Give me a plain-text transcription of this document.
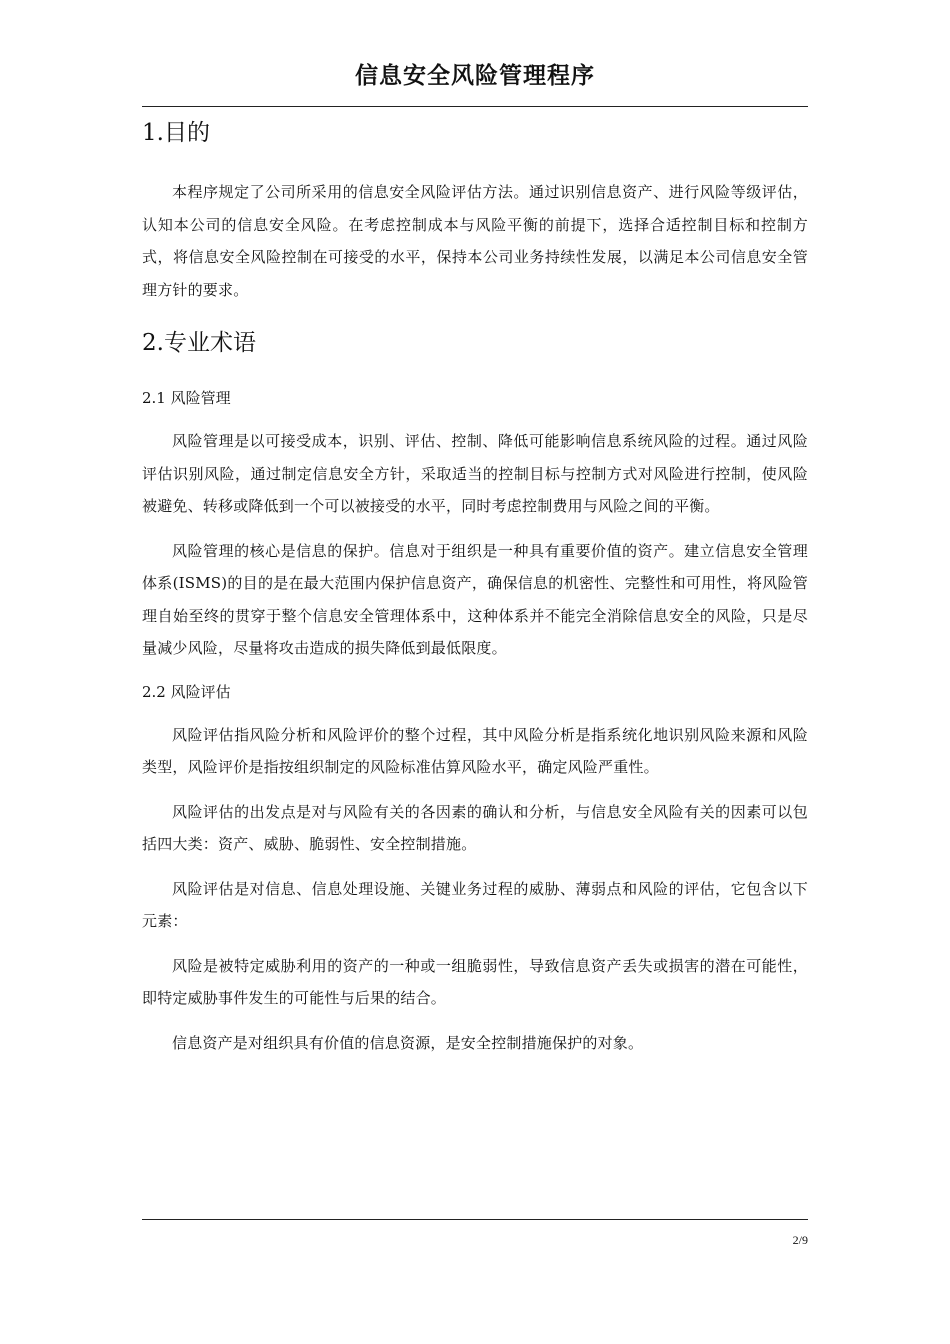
信息安全风险管理程序
1.目的

本程序规定了公司所采用的信息安全风险评估方法。通过识别信息资产、进行风险等级评估，认知本公司的信息安全风险。在考虑控制成本与风险平衡的前提下，选择合适控制目标和控制方式，将信息安全风险控制在可接受的水平，保持本公司业务持续性发展，以满足本公司信息安全管理方针的要求。

2.专业术语
2.1 风险管理

风险管理是以可接受成本，识别、评估、控制、降低可能影响信息系统风险的过程。通过风险评估识别风险，通过制定信息安全方针，采取适当的控制目标与控制方式对风险进行控制，使风险被避免、转移或降低到一个可以被接受的水平，同时考虑控制费用与风险之间的平衡。

风险管理的核心是信息的保护。信息对于组织是一种具有重要价值的资产。建立信息安全管理体系(ISMS)的目的是在最大范围内保护信息资产，确保信息的机密性、完整性和可用性，将风险管理自始至终的贯穿于整个信息安全管理体系中，这种体系并不能完全消除信息安全的风险，只是尽量减少风险，尽量将攻击造成的损失降低到最低限度。

2.2 风险评估

风险评估指风险分析和风险评价的整个过程，其中风险分析是指系统化地识别风险来源和风险类型，风险评价是指按组织制定的风险标准估算风险水平，确定风险严重性。

风险评估的出发点是对与风险有关的各因素的确认和分析，与信息安全风险有关的因素可以包括四大类：资产、威胁、脆弱性、安全控制措施。

风险评估是对信息、信息处理设施、关键业务过程的威胁、薄弱点和风险的评估，它包含以下元素：

风险是被特定威胁利用的资产的一种或一组脆弱性，导致信息资产丢失或损害的潜在可能性，即特定威胁事件发生的可能性与后果的结合。

信息资产是对组织具有价值的信息资源，是安全控制措施保护的对象。

2/9
